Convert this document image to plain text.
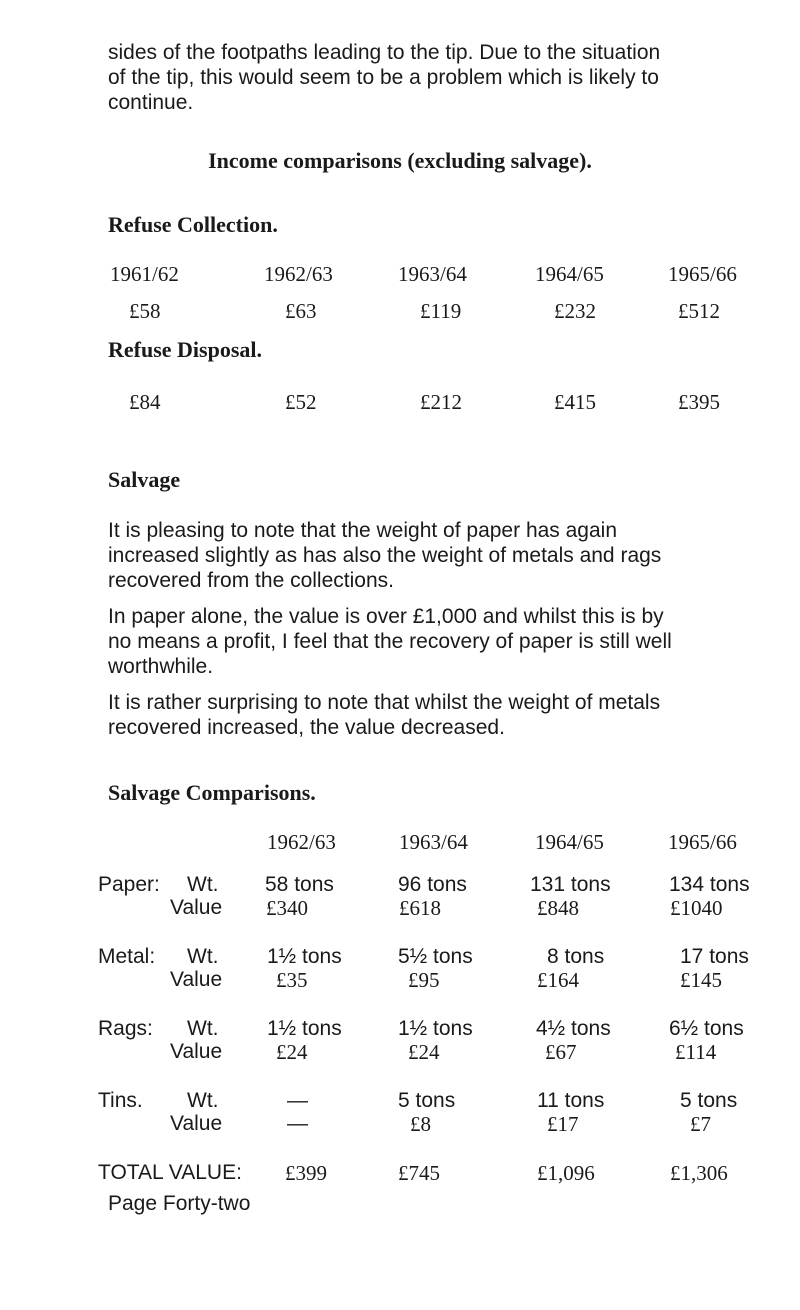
sides of the footpaths leading to the tip. Due to the situation

of the tip, this would seem to be a problem which is likely to

continue.

Income comparisons (excluding salvage).
Refuse Collection.
1961/62	1962/63	1963/64	1964/65	1965/66
£58	£63	£119	£232	£512
Refuse Disposal.
£84	£52	£212	£415	£395
Salvage

It is pleasing to note that the weight of paper has again

increased slightly as has also the weight of metals and rags

recovered from the collections.

In paper alone, the value is over £1,000 and whilst this is by

no means a profit, I feel that the recovery of paper is still well

worthwhile.

It is rather surprising to note that whilst the weight of metals

recovered increased, the value decreased.

Salvage Comparisons.
1962/63	1963/64	1964/65	1965/66
Paper: Wt. 58 tons	96 tons	131 tons	134 tons
Value £340	£618	£848	£1040
Metal: Wt. 1½ tons	5½ tons	8 tons	17 tons
Value	£35	£95	£164	£145
Rags: Wt. 1½ tons	1½ tons	4½ tons	6½ tons
Value	£24	£24	£67	£114
Tins. Wt.	—	5 tons	11 tons	5 tons
Value	—	£8	£17	£7
TOTAL VALUE: £399	£745	£1,096	£1,306
Page Forty-two
